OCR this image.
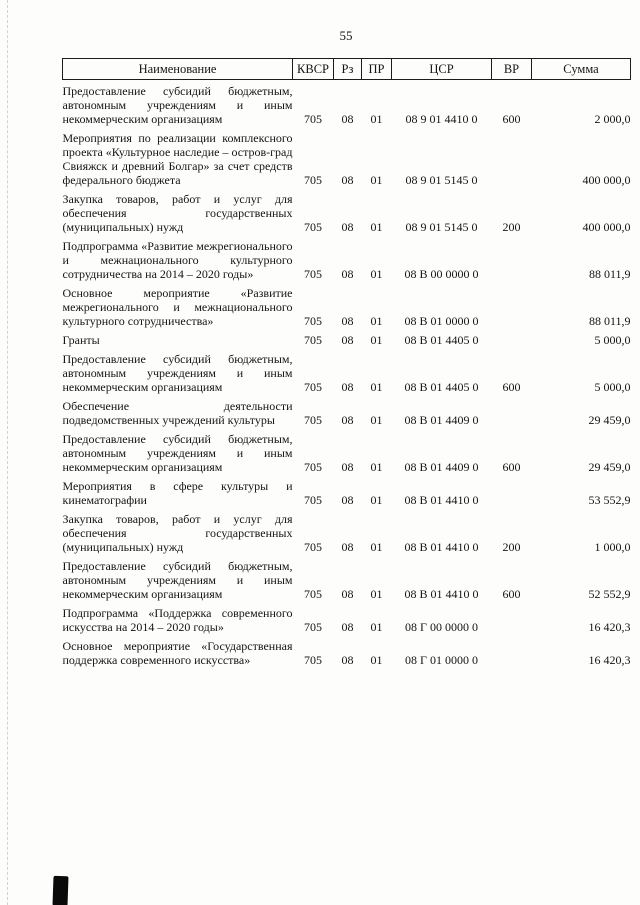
55
Наименование	КВСР	Рз	ПР	ЦСР	ВР	Сумма
Предоставление субсидий бюджетным, автономным учреждениям и иным некоммерческим организациям	705	08	01	08 9 01 4410 0	600	2 000,0
Мероприятия по реализации комплексного проекта «Культурное наследие – остров-град Свияжск и древний Болгар» за счет средств федерального бюджета	705	08	01	08 9 01 5145 0		400 000,0
Закупка товаров, работ и услуг для обеспечения государственных (муниципальных) нужд	705	08	01	08 9 01 5145 0	200	400 000,0
Подпрограмма «Развитие межрегионального и межнационального культурного сотрудничества на 2014 – 2020 годы»	705	08	01	08 В 00 0000 0		88 011,9
Основное мероприятие «Развитие межрегионального и межнационального культурного сотрудничества»	705	08	01	08 В 01 0000 0		88 011,9
Гранты	705	08	01	08 В 01 4405 0		5 000,0
Предоставление субсидий бюджетным, автономным учреждениям и иным некоммерческим организациям	705	08	01	08 В 01 4405 0	600	5 000,0
Обеспечение деятельности подведомственных учреждений культуры	705	08	01	08 В 01 4409 0		29 459,0
Предоставление субсидий бюджетным, автономным учреждениям и иным некоммерческим организациям	705	08	01	08 В 01 4409 0	600	29 459,0
Мероприятия в сфере культуры и кинематографии	705	08	01	08 В 01 4410 0		53 552,9
Закупка товаров, работ и услуг для обеспечения государственных (муниципальных) нужд	705	08	01	08 В 01 4410 0	200	1 000,0
Предоставление субсидий бюджетным, автономным учреждениям и иным некоммерческим организациям	705	08	01	08 В 01 4410 0	600	52 552,9
Подпрограмма «Поддержка современного искусства на 2014 – 2020 годы»	705	08	01	08 Г 00 0000 0		16 420,3
Основное мероприятие «Государственная поддержка современного искусства»	705	08	01	08 Г 01 0000 0		16 420,3
